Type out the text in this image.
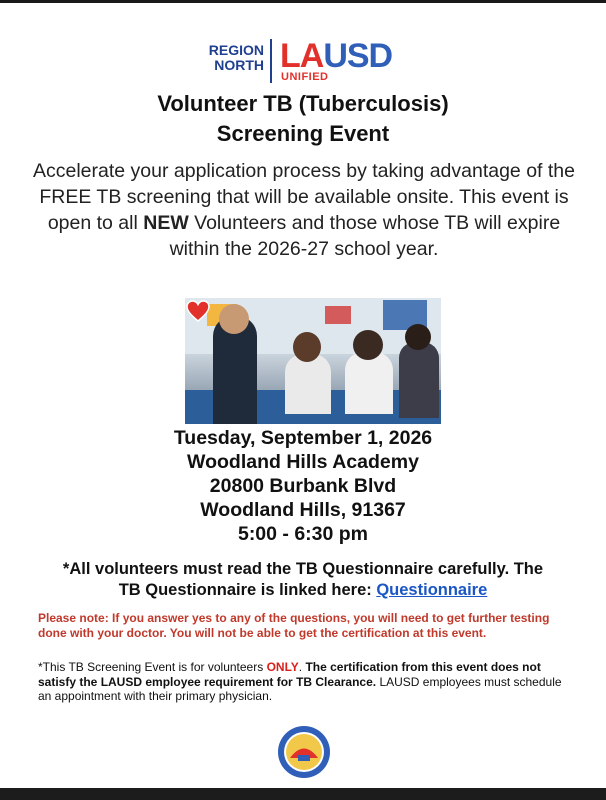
REGION
NORTH LAUSD
UNIFIED
Volunteer TB (Tuberculosis)
Screening Event
Accelerate your application process by taking advantage of the FREE TB screening that will be available onsite. This event is open to all NEW Volunteers and those whose TB will expire within the 2026-27 school year.
Tuesday, September 1, 2026
Woodland Hills Academy
20800 Burbank Blvd
Woodland Hills, 91367
5:00 - 6:30 pm
*All volunteers must read the TB Questionnaire carefully. The
TB Questionnaire is linked here: Questionnaire
Please note: If you answer yes to any of the questions, you will need to get further testing done with your doctor. You will not be able to get the certification at this event.
*This TB Screening Event is for volunteers ONLY. The certification from this event does not satisfy the LAUSD employee requirement for TB Clearance. LAUSD employees must schedule an appointment with their primary physician.
